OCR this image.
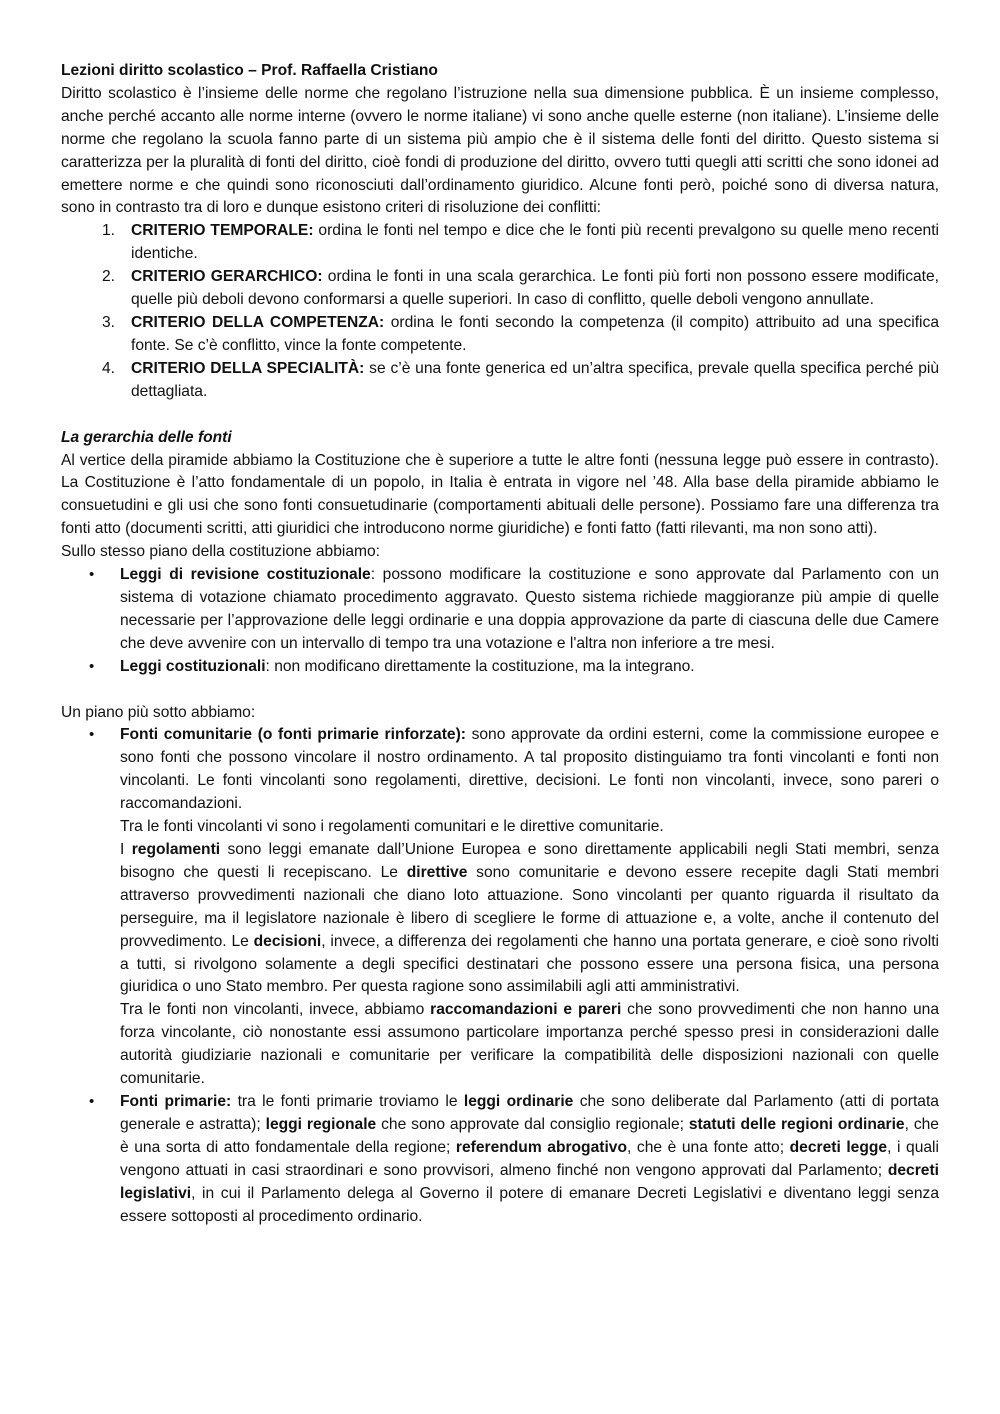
Lezioni diritto scolastico – Prof. Raffaella Cristiano

Diritto scolastico è l’insieme delle norme che regolano l’istruzione nella sua dimensione pubblica. È un insieme complesso, anche perché accanto alle norme interne (ovvero le norme italiane) vi sono anche quelle esterne (non italiane). L’insieme delle norme che regolano la scuola fanno parte di un sistema più ampio che è il sistema delle fonti del diritto. Questo sistema si caratterizza per la pluralità di fonti del diritto, cioè fondi di produzione del diritto, ovvero tutti quegli atti scritti che sono idonei ad emettere norme e che quindi sono riconosciuti dall’ordinamento giuridico. Alcune fonti però, poiché sono di diversa natura, sono in contrasto tra di loro e dunque esistono criteri di risoluzione dei conflitti:

1. CRITERIO TEMPORALE: ordina le fonti nel tempo e dice che le fonti più recenti prevalgono su quelle meno recenti identiche.
2. CRITERIO GERARCHICO: ordina le fonti in una scala gerarchica. Le fonti più forti non possono essere modificate, quelle più deboli devono conformarsi a quelle superiori. In caso di conflitto, quelle deboli vengono annullate.
3. CRITERIO DELLA COMPETENZA: ordina le fonti secondo la competenza (il compito) attribuito ad una specifica fonte. Se c’è conflitto, vince la fonte competente.
4. CRITERIO DELLA SPECIALITÀ: se c’è una fonte generica ed un’altra specifica, prevale quella specifica perché più dettagliata.

La gerarchia delle fonti

Al vertice della piramide abbiamo la Costituzione che è superiore a tutte le altre fonti (nessuna legge può essere in contrasto). La Costituzione è l’atto fondamentale di un popolo, in Italia è entrata in vigore nel ’48. Alla base della piramide abbiamo le consuetudini e gli usi che sono fonti consuetudinarie (comportamenti abituali delle persone). Possiamo fare una differenza tra fonti atto (documenti scritti, atti giuridici che introducono norme giuridiche) e fonti fatto (fatti rilevanti, ma non sono atti).

Sullo stesso piano della costituzione abbiamo:

• Leggi di revisione costituzionale: possono modificare la costituzione e sono approvate dal Parlamento con un sistema di votazione chiamato procedimento aggravato. Questo sistema richiede maggioranze più ampie di quelle necessarie per l’approvazione delle leggi ordinarie e una doppia approvazione da parte di ciascuna delle due Camere che deve avvenire con un intervallo di tempo tra una votazione e l'altra non inferiore a tre mesi.
• Leggi costituzionali: non modificano direttamente la costituzione, ma la integrano.

Un piano più sotto abbiamo:

• Fonti comunitarie (o fonti primarie rinforzate): sono approvate da ordini esterni, come la commissione europee e sono fonti che possono vincolare il nostro ordinamento. A tal proposito distinguiamo tra fonti vincolanti e fonti non vincolanti. Le fonti vincolanti sono regolamenti, direttive, decisioni. Le fonti non vincolanti, invece, sono pareri o raccomandazioni.

Tra le fonti vincolanti vi sono i regolamenti comunitari e le direttive comunitarie.

I regolamenti sono leggi emanate dall’Unione Europea e sono direttamente applicabili negli Stati membri, senza bisogno che questi li recepiscano. Le direttive sono comunitarie e devono essere recepite dagli Stati membri attraverso provvedimenti nazionali che diano loto attuazione. Sono vincolanti per quanto riguarda il risultato da perseguire, ma il legislatore nazionale è libero di scegliere le forme di attuazione e, a volte, anche il contenuto del provvedimento. Le decisioni, invece, a differenza dei regolamenti che hanno una portata generare, e cioè sono rivolti a tutti, si rivolgono solamente a degli specifici destinatari che possono essere una persona fisica, una persona giuridica o uno Stato membro. Per questa ragione sono assimilabili agli atti amministrativi.

Tra le fonti non vincolanti, invece, abbiamo raccomandazioni e pareri che sono provvedimenti che non hanno una forza vincolante, ciò nonostante essi assumono particolare importanza perché spesso presi in considerazioni dalle autorità giudiziarie nazionali e comunitarie per verificare la compatibilità delle disposizioni nazionali con quelle comunitarie.

• Fonti primarie: tra le fonti primarie troviamo le leggi ordinarie che sono deliberate dal Parlamento (atti di portata generale e astratta); leggi regionale che sono approvate dal consiglio regionale; statuti delle regioni ordinarie, che è una sorta di atto fondamentale della regione; referendum abrogativo, che è una fonte atto; decreti legge, i quali vengono attuati in casi straordinari e sono provvisori, almeno finché non vengono approvati dal Parlamento; decreti legislativi, in cui il Parlamento delega al Governo il potere di emanare Decreti Legislativi e diventano leggi senza essere sottoposti al procedimento ordinario.
